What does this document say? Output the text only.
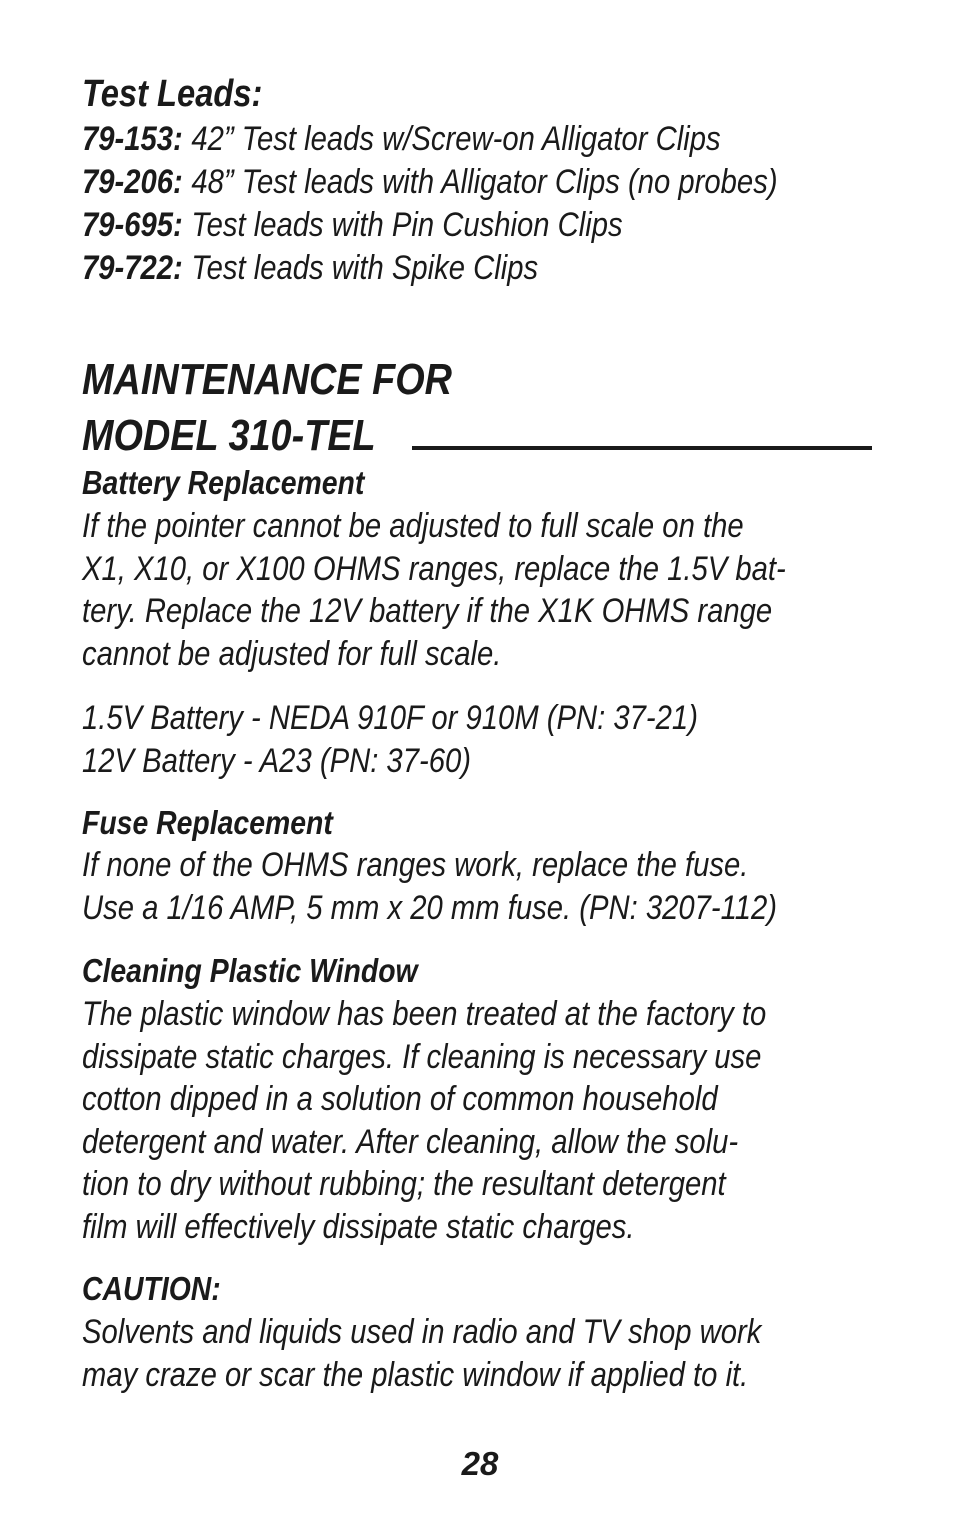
Test Leads:
79-153: 42” Test leads w/Screw-on Alligator Clips
79-206: 48” Test leads with Alligator Clips (no probes)
79-695: Test leads with Pin Cushion Clips
79-722: Test leads with Spike Clips
MAINTENANCE FOR
MODEL 310-TEL
Battery Replacement
If the pointer cannot be adjusted to full scale on the
X1, X10, or X100 OHMS ranges, replace the 1.5V bat-
tery. Replace the 12V battery if the X1K OHMS range
cannot be adjusted for full scale.
1.5V Battery - NEDA 910F or 910M (PN: 37-21)
12V Battery - A23 (PN: 37-60)
Fuse Replacement
If none of the OHMS ranges work, replace the fuse.
Use a 1/16 AMP, 5 mm x 20 mm fuse. (PN: 3207-112)
Cleaning Plastic Window
The plastic window has been treated at the factory to
dissipate static charges. If cleaning is necessary use
cotton dipped in a solution of common household
detergent and water. After cleaning, allow the solu-
tion to dry without rubbing; the resultant detergent
film will effectively dissipate static charges.
CAUTION:
Solvents and liquids used in radio and TV shop work
may craze or scar the plastic window if applied to it.
28
